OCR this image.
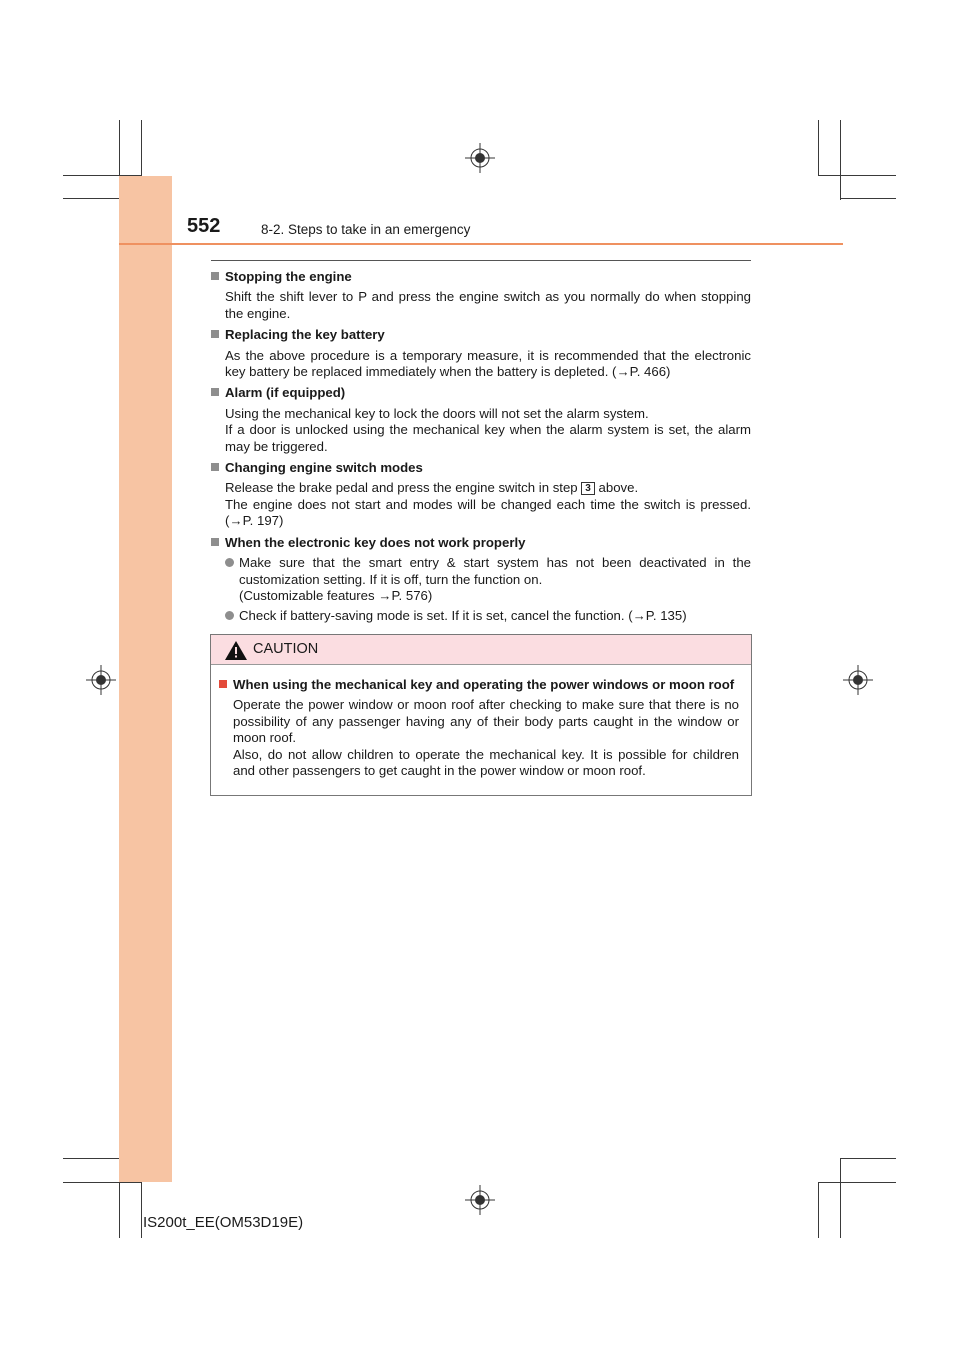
552	8-2. Steps to take in an emergency
Stopping the engine
Shift the shift lever to P and press the engine switch as you normally do when stopping the engine.
Replacing the key battery
As the above procedure is a temporary measure, it is recommended that the electronic key battery be replaced immediately when the battery is depleted. (→P. 466)
Alarm (if equipped)
Using the mechanical key to lock the doors will not set the alarm system.
If a door is unlocked using the mechanical key when the alarm system is set, the alarm may be triggered.
Changing engine switch modes
Release the brake pedal and press the engine switch in step 3 above.
The engine does not start and modes will be changed each time the switch is pressed. (→P. 197)
When the electronic key does not work properly
Make sure that the smart entry & start system has not been deactivated in the customization setting. If it is off, turn the function on.
(Customizable features →P. 576)
Check if battery-saving mode is set. If it is set, cancel the function. (→P. 135)
CAUTION
When using the mechanical key and operating the power windows or moon roof
Operate the power window or moon roof after checking to make sure that there is no possibility of any passenger having any of their body parts caught in the window or moon roof.
Also, do not allow children to operate the mechanical key. It is possible for children and other passengers to get caught in the power window or moon roof.
IS200t_EE(OM53D19E)
